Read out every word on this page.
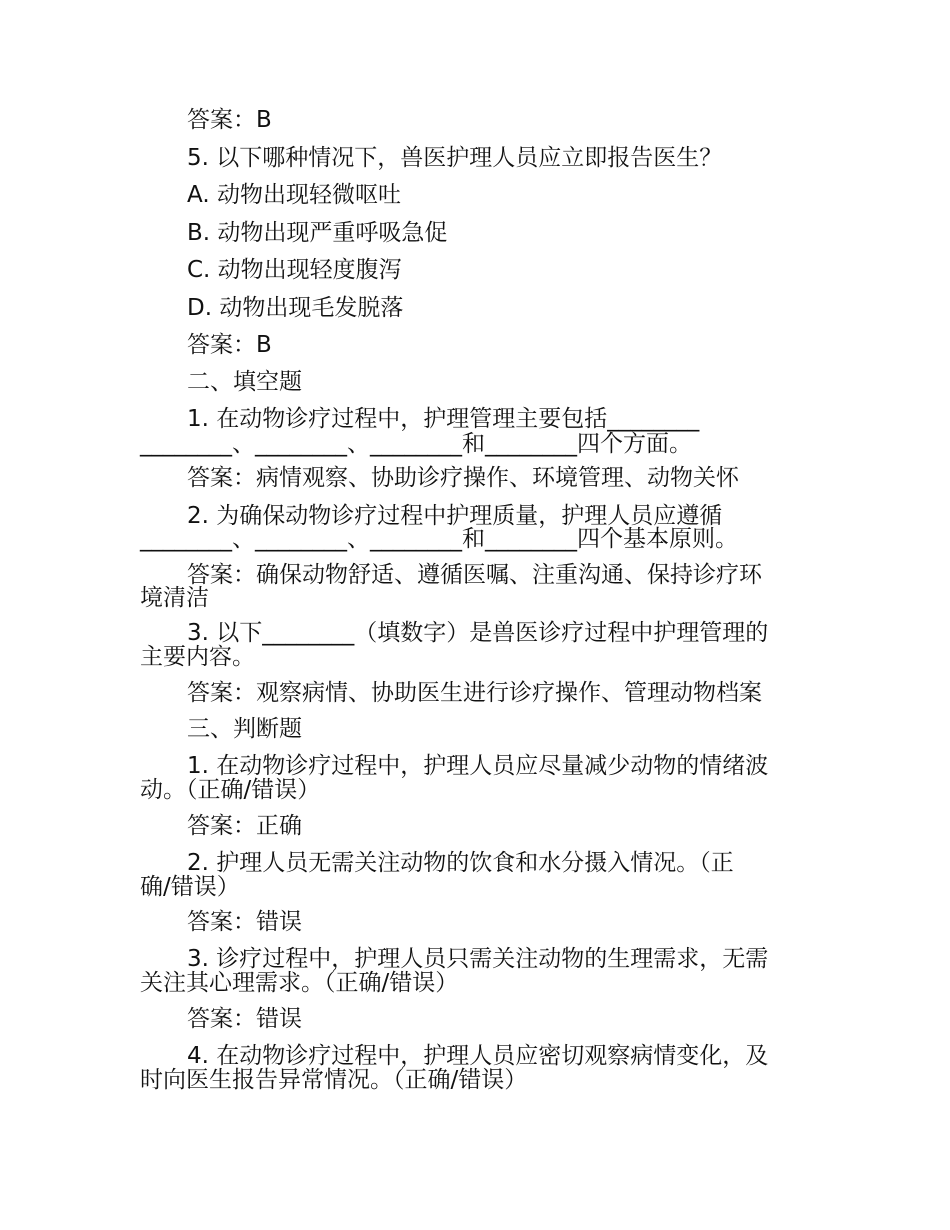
答案：B
5. 以下哪种情况下，兽医护理人员应立即报告医生？
A. 动物出现轻微呕吐
B. 动物出现严重呼吸急促
C. 动物出现轻度腹泻
D. 动物出现毛发脱落
答案：B
二、填空题
1. 在动物诊疗过程中，护理管理主要包括________
________、________、________和________四个方面。
答案：病情观察、协助诊疗操作、环境管理、动物关怀
2. 为确保动物诊疗过程中护理质量，护理人员应遵循
________、________、________和________四个基本原则。
答案：确保动物舒适、遵循医嘱、注重沟通、保持诊疗环
境清洁
3. 以下________（填数字）是兽医诊疗过程中护理管理的
主要内容。
答案：观察病情、协助医生进行诊疗操作、管理动物档案
三、判断题
1. 在动物诊疗过程中，护理人员应尽量减少动物的情绪波
动。（正确/错误）
答案：正确
2. 护理人员无需关注动物的饮食和水分摄入情况。（正
确/错误）
答案：错误
3. 诊疗过程中，护理人员只需关注动物的生理需求，无需
关注其心理需求。（正确/错误）
答案：错误
4. 在动物诊疗过程中，护理人员应密切观察病情变化，及
时向医生报告异常情况。（正确/错误）
